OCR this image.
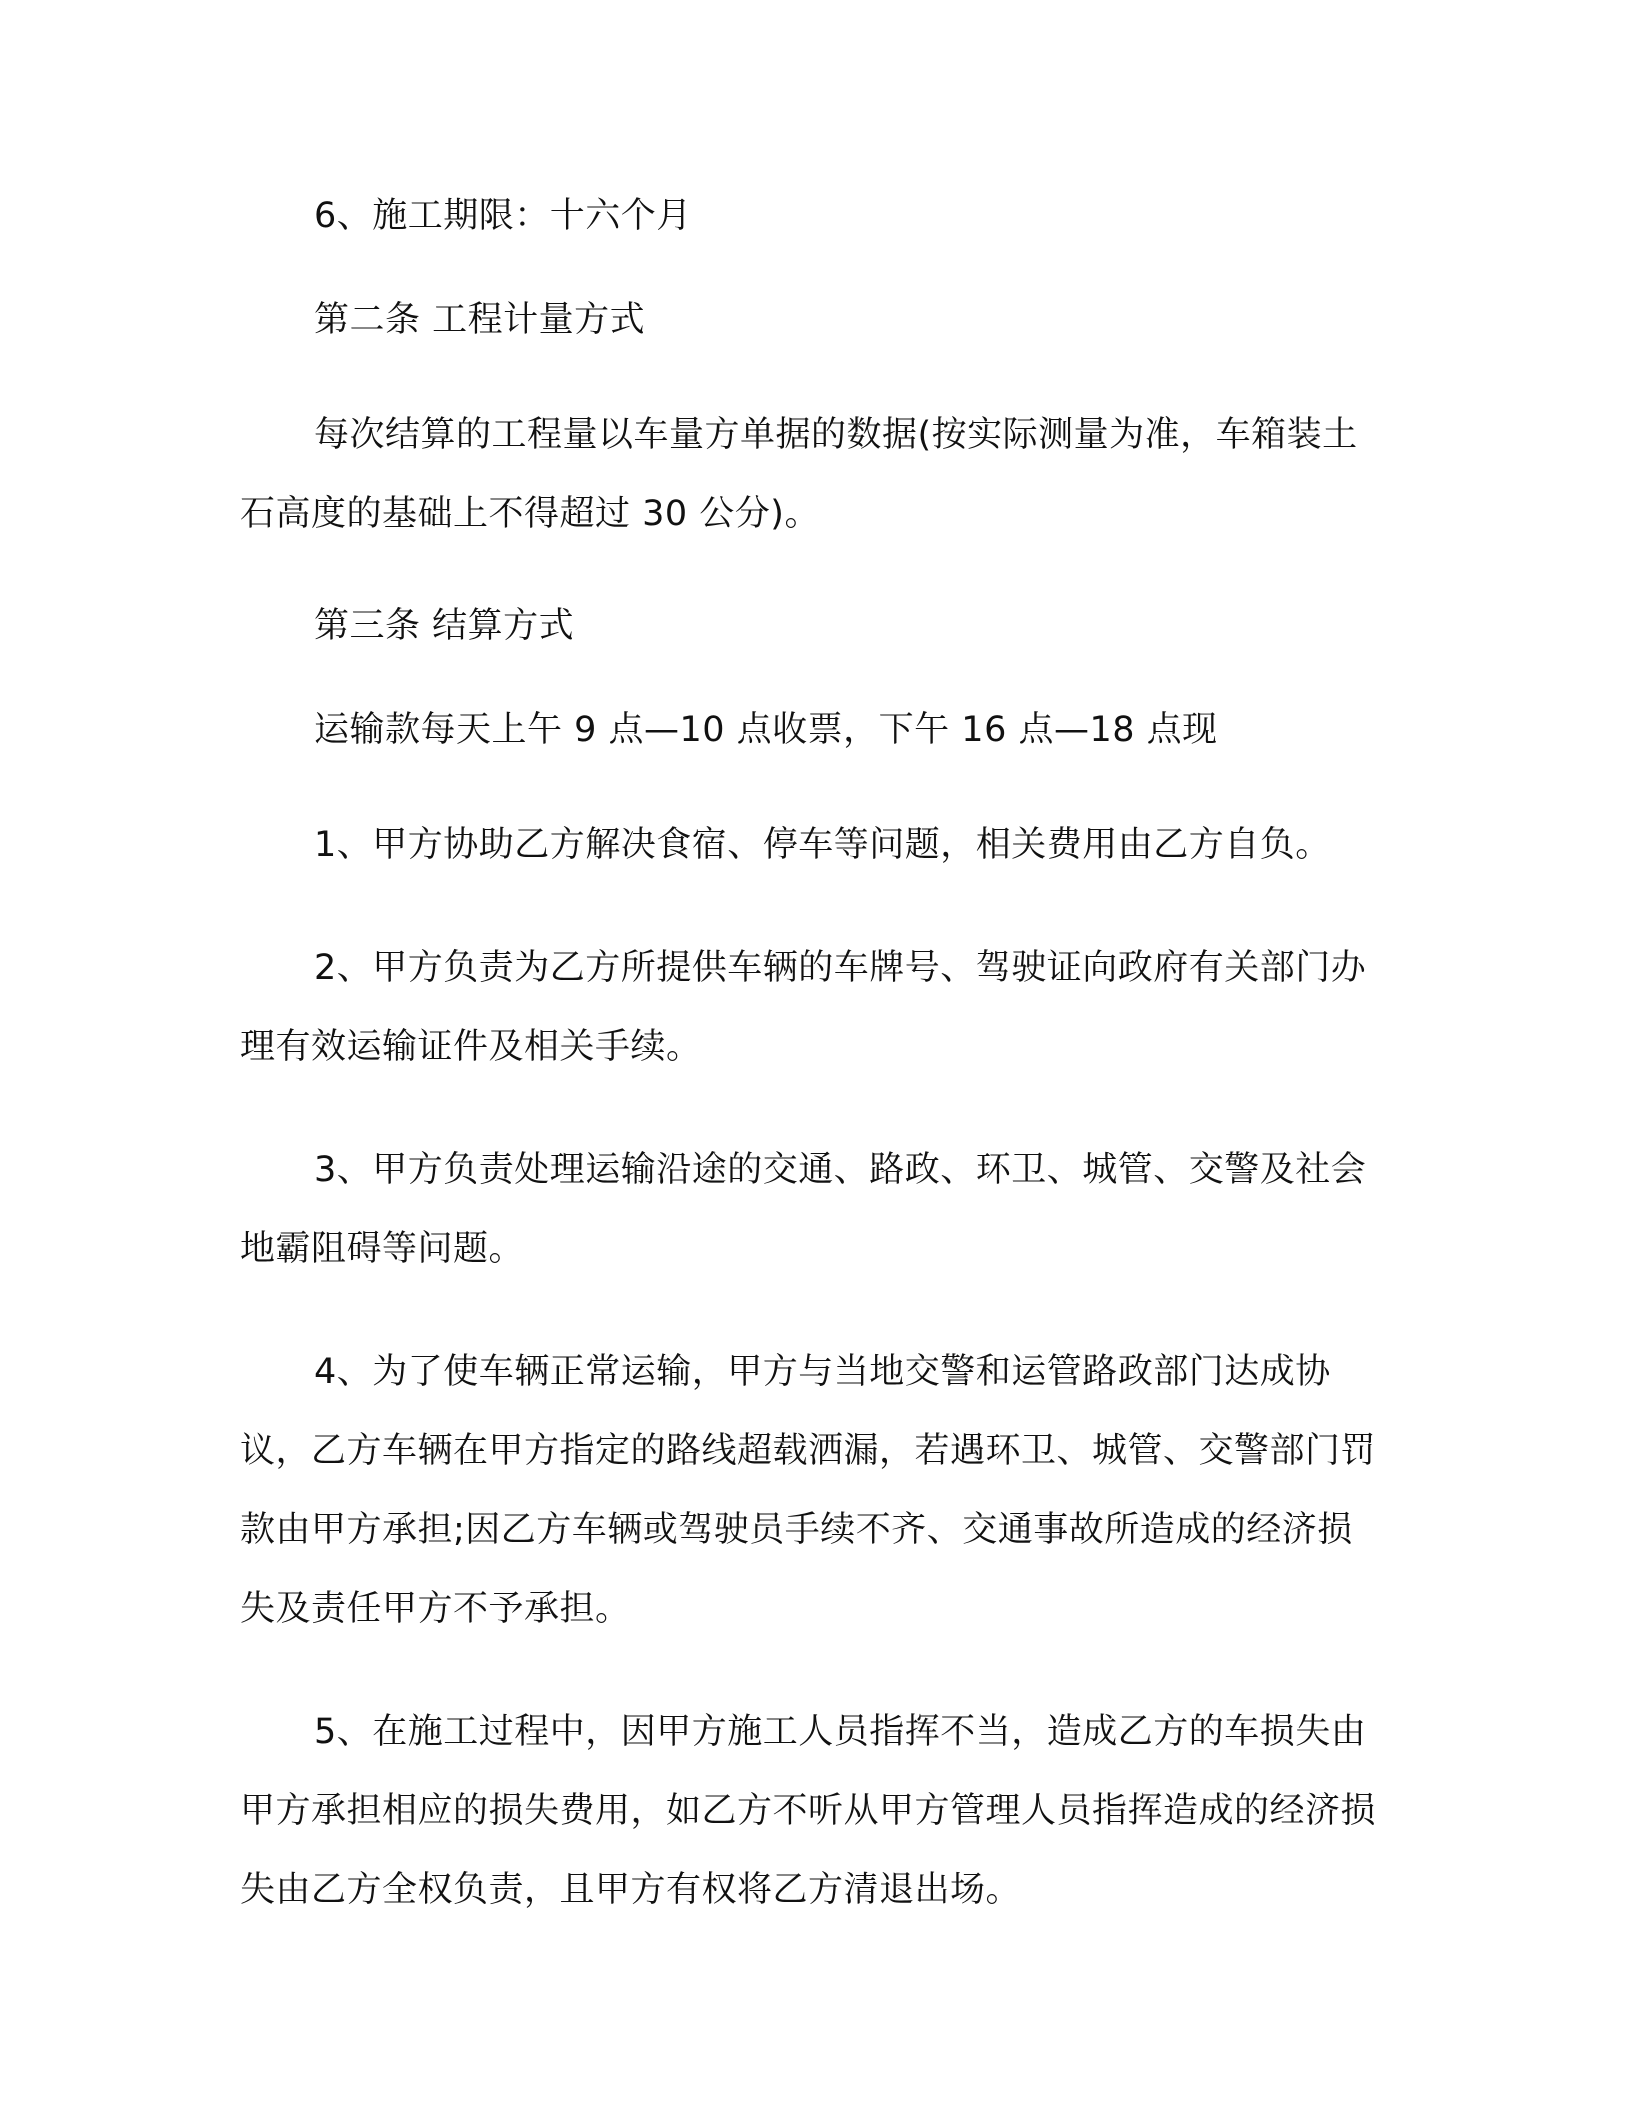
6、施工期限：十六个月

第二条 工程计量方式

每次结算的工程量以车量方单据的数据(按实际测量为准，车箱装土石高度的基础上不得超过 30 公分)。

第三条 结算方式

运输款每天上午 9 点—10 点收票，下午 16 点—18 点现

1、甲方协助乙方解决食宿、停车等问题，相关费用由乙方自负。

2、甲方负责为乙方所提供车辆的车牌号、驾驶证向政府有关部门办理有效运输证件及相关手续。

3、甲方负责处理运输沿途的交通、路政、环卫、城管、交警及社会地霸阻碍等问题。

4、为了使车辆正常运输，甲方与当地交警和运管路政部门达成协议，乙方车辆在甲方指定的路线超载洒漏，若遇环卫、城管、交警部门罚款由甲方承担;因乙方车辆或驾驶员手续不齐、交通事故所造成的经济损失及责任甲方不予承担。

5、在施工过程中，因甲方施工人员指挥不当，造成乙方的车损失由甲方承担相应的损失费用，如乙方不听从甲方管理人员指挥造成的经济损失由乙方全权负责，且甲方有权将乙方清退出场。
